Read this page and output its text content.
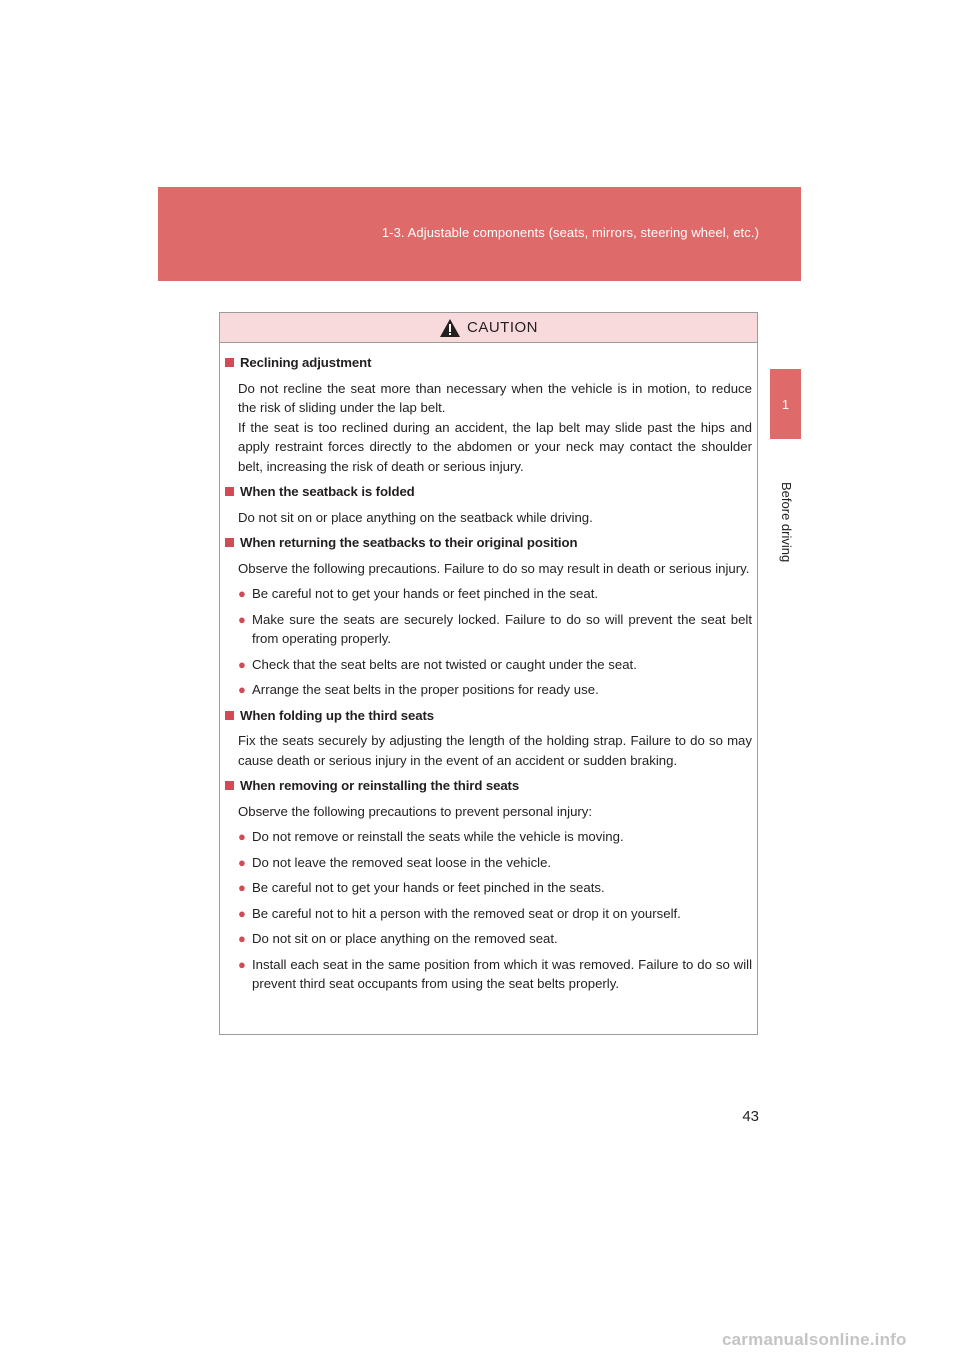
1-3. Adjustable components (seats, mirrors, steering wheel, etc.)
1
Before driving
CAUTION
Reclining adjustment
Do not recline the seat more than necessary when the vehicle is in motion, to reduce the risk of sliding under the lap belt.
If the seat is too reclined during an accident, the lap belt may slide past the hips and apply restraint forces directly to the abdomen or your neck may contact the shoulder belt, increasing the risk of death or serious injury.
When the seatback is folded
Do not sit on or place anything on the seatback while driving.
When returning the seatbacks to their original position
Observe the following precautions. Failure to do so may result in death or serious injury.
● Be careful not to get your hands or feet pinched in the seat.
● Make sure the seats are securely locked. Failure to do so will prevent the seat belt from operating properly.
● Check that the seat belts are not twisted or caught under the seat.
● Arrange the seat belts in the proper positions for ready use.
When folding up the third seats
Fix the seats securely by adjusting the length of the holding strap. Failure to do so may cause death or serious injury in the event of an accident or sudden braking.
When removing or reinstalling the third seats
Observe the following precautions to prevent personal injury:
● Do not remove or reinstall the seats while the vehicle is moving.
● Do not leave the removed seat loose in the vehicle.
● Be careful not to get your hands or feet pinched in the seats.
● Be careful not to hit a person with the removed seat or drop it on yourself.
● Do not sit on or place anything on the removed seat.
● Install each seat in the same position from which it was removed. Failure to do so will prevent third seat occupants from using the seat belts properly.
43
carmanualsonline.info
